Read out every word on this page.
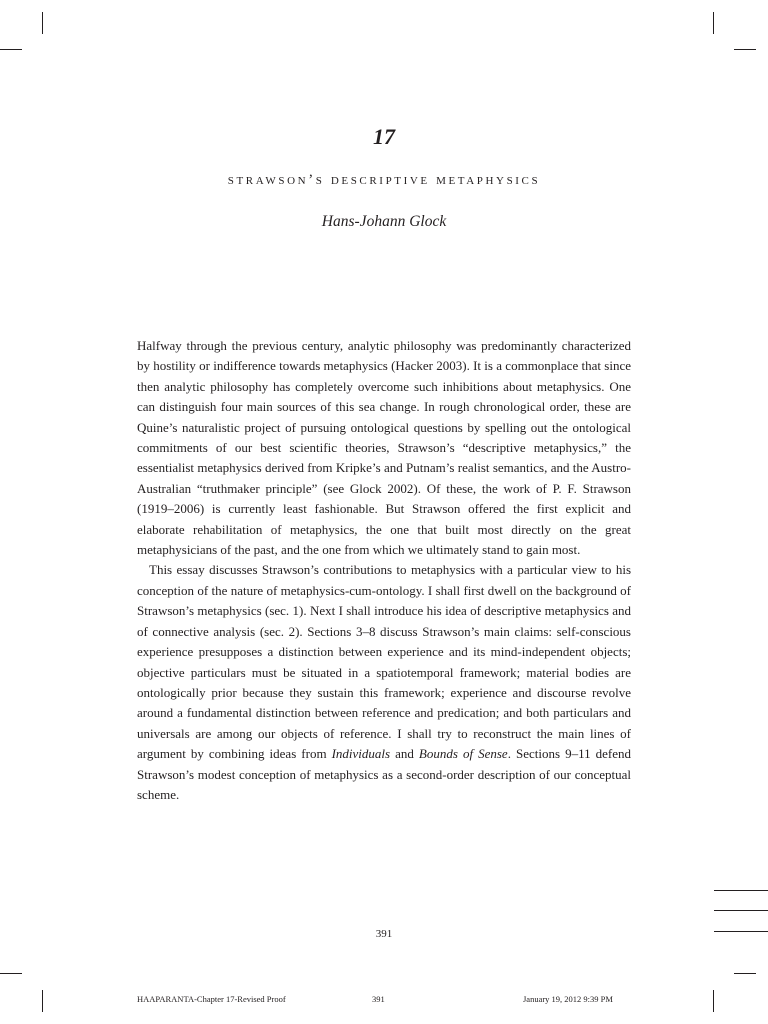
17
strawson’s descriptive metaphysics
Hans-Johann Glock

Halfway through the previous century, analytic philosophy was predominantly characterized by hostility or indifference towards metaphysics (Hacker 2003). It is a commonplace that since then analytic philosophy has completely overcome such inhibitions about metaphysics. One can distinguish four main sources of this sea change. In rough chronological order, these are Quine’s naturalistic project of pursuing ontological questions by spelling out the ontological commitments of our best scientific theories, Strawson’s “descriptive metaphysics,” the essentialist metaphysics derived from Kripke’s and Putnam’s realist semantics, and the Austro-Australian “truthmaker principle” (see Glock 2002). Of these, the work of P. F. Strawson (1919–2006) is currently least fashionable. But Strawson offered the first explicit and elaborate rehabilitation of metaphysics, the one that built most directly on the great metaphysicians of the past, and the one from which we ultimately stand to gain most.

This essay discusses Strawson’s contributions to metaphysics with a particular view to his conception of the nature of metaphysics-cum-ontology. I shall first dwell on the background of Strawson’s metaphysics (sec. 1). Next I shall introduce his idea of descriptive metaphysics and of connective analysis (sec. 2). Sections 3–8 discuss Strawson’s main claims: self-conscious experience presupposes a distinction between experience and its mind-independent objects; objective particulars must be situated in a spatiotemporal framework; material bodies are ontologically prior because they sustain this framework; experience and discourse revolve around a fundamental distinction between reference and predication; and both particulars and universals are among our objects of reference. I shall try to reconstruct the main lines of argument by combining ideas from Individuals and Bounds of Sense. Sections 9–11 defend Strawson’s modest conception of metaphysics as a second-order description of our conceptual scheme.

391
HAAPARANTA-Chapter 17-Revised Proof	391	January 19, 2012 9:39 PM
